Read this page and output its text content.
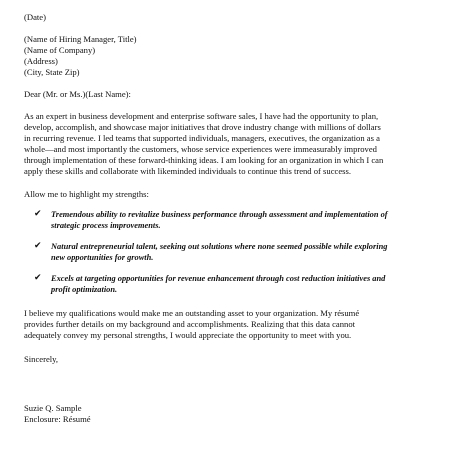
(Date)
(Name of Hiring Manager, Title)
(Name of Company)
(Address)
(City, State Zip)
Dear (Mr. or Ms.)(Last Name):
As an expert in business development and enterprise software sales, I have had the opportunity to plan,
develop, accomplish, and showcase major initiatives that drove industry change with millions of dollars
in recurring revenue. I led teams that supported individuals, managers, executives, the organization as a
whole—and most importantly the customers, whose service experiences were immeasurably improved
through implementation of these forward-thinking ideas. I am looking for an organization in which I can
apply these skills and collaborate with likeminded individuals to continue this trend of success.
Allow me to highlight my strengths:
✔ Tremendous ability to revitalize business performance through assessment and implementation of
strategic process improvements.
✔ Natural entrepreneurial talent, seeking out solutions where none seemed possible while exploring
new opportunities for growth.
✔ Excels at targeting opportunities for revenue enhancement through cost reduction initiatives and
profit optimization.
I believe my qualifications would make me an outstanding asset to your organization. My résumé
provides further details on my background and accomplishments. Realizing that this data cannot
adequately convey my personal strengths, I would appreciate the opportunity to meet with you.
Sincerely,
Suzie Q. Sample
Enclosure: Résumé
